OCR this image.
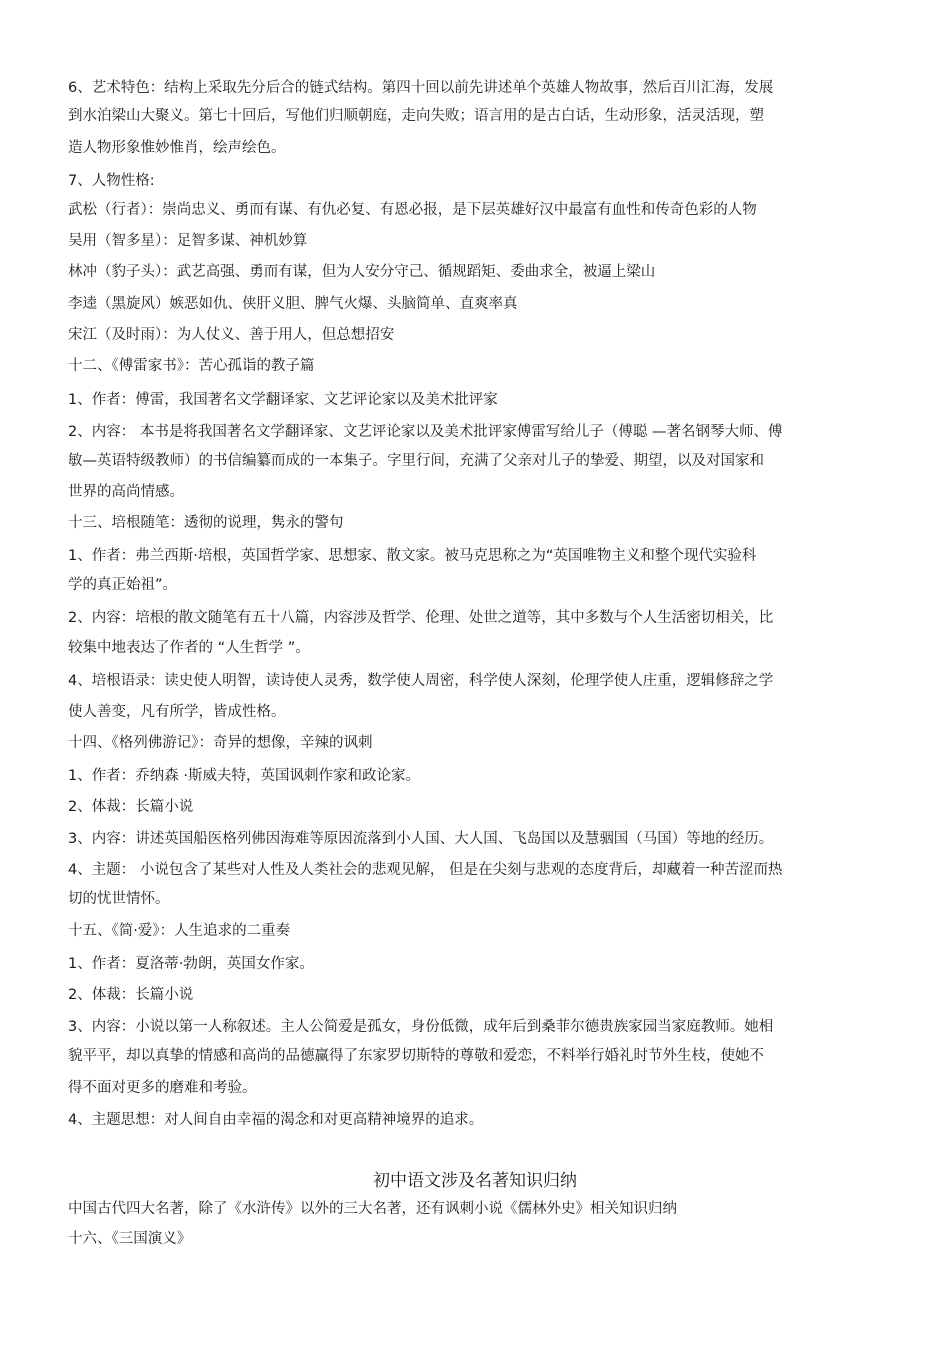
6、艺术特色：结构上采取先分后合的链式结构。第四十回以前先讲述单个英雄人物故事，然后百川汇海，发展
到水泊梁山大聚义。第七十回后，写他们归顺朝庭，走向失败；语言用的是古白话，生动形象，活灵活现，塑
造人物形象惟妙惟肖，绘声绘色。
7、人物性格:
武松（行者）：崇尚忠义、勇而有谋、有仇必复、有恩必报，是下层英雄好汉中最富有血性和传奇色彩的人物
吴用（智多星）：足智多谋、神机妙算
林冲（豹子头）：武艺高强、勇而有谋，但为人安分守己、循规蹈矩、委曲求全，被逼上梁山
李逵（黑旋风）嫉恶如仇、侠肝义胆、脾气火爆、头脑简单、直爽率真
宋江（及时雨）：为人仗义、善于用人，但总想招安
十二、《傅雷家书》：苦心孤诣的教子篇
1、作者：傅雷，我国著名文学翻译家、文艺评论家以及美术批评家
2、内容： 本书是将我国著名文学翻译家、文艺评论家以及美术批评家傅雷写给儿子（傅聪 —著名钢琴大师、傅
敏—英语特级教师）的书信编纂而成的一本集子。字里行间，充满了父亲对儿子的挚爱、期望，以及对国家和
世界的高尚情感。
十三、培根随笔：透彻的说理，隽永的警句
1、作者：弗兰西斯·培根，英国哲学家、思想家、散文家。被马克思称之为“英国唯物主义和整个现代实验科
学的真正始祖”。
2、内容：培根的散文随笔有五十八篇，内容涉及哲学、伦理、处世之道等，其中多数与个人生活密切相关，比
较集中地表达了作者的 “人生哲学 ”。
4、培根语录：读史使人明智，读诗使人灵秀，数学使人周密，科学使人深刻，伦理学使人庄重，逻辑修辞之学
使人善变，凡有所学，皆成性格。
十四、《格列佛游记》：奇异的想像，辛辣的讽刺
1、作者：乔纳森 ·斯威夫特，英国讽刺作家和政论家。
2、体裁：长篇小说
3、内容：讲述英国船医格列佛因海难等原因流落到小人国、大人国、飞岛国以及慧骃国（马国）等地的经历。
4、主题： 小说包含了某些对人性及人类社会的悲观见解， 但是在尖刻与悲观的态度背后，却藏着一种苦涩而热
切的忧世情怀。
十五、《简·爱》：人生追求的二重奏
1、作者：夏洛蒂·勃朗，英国女作家。
2、体裁：长篇小说
3、内容：小说以第一人称叙述。主人公简爱是孤女，身份低微，成年后到桑菲尔德贵族家园当家庭教师。她相
貌平平，却以真挚的情感和高尚的品德赢得了东家罗切斯特的尊敬和爱恋，不料举行婚礼时节外生枝，使她不
得不面对更多的磨难和考验。
4、主题思想：对人间自由幸福的渴念和对更高精神境界的追求。
初中语文涉及名著知识归纳
中国古代四大名著，除了《水浒传》以外的三大名著，还有讽刺小说《儒林外史》相关知识归纳
十六、《三国演义》
